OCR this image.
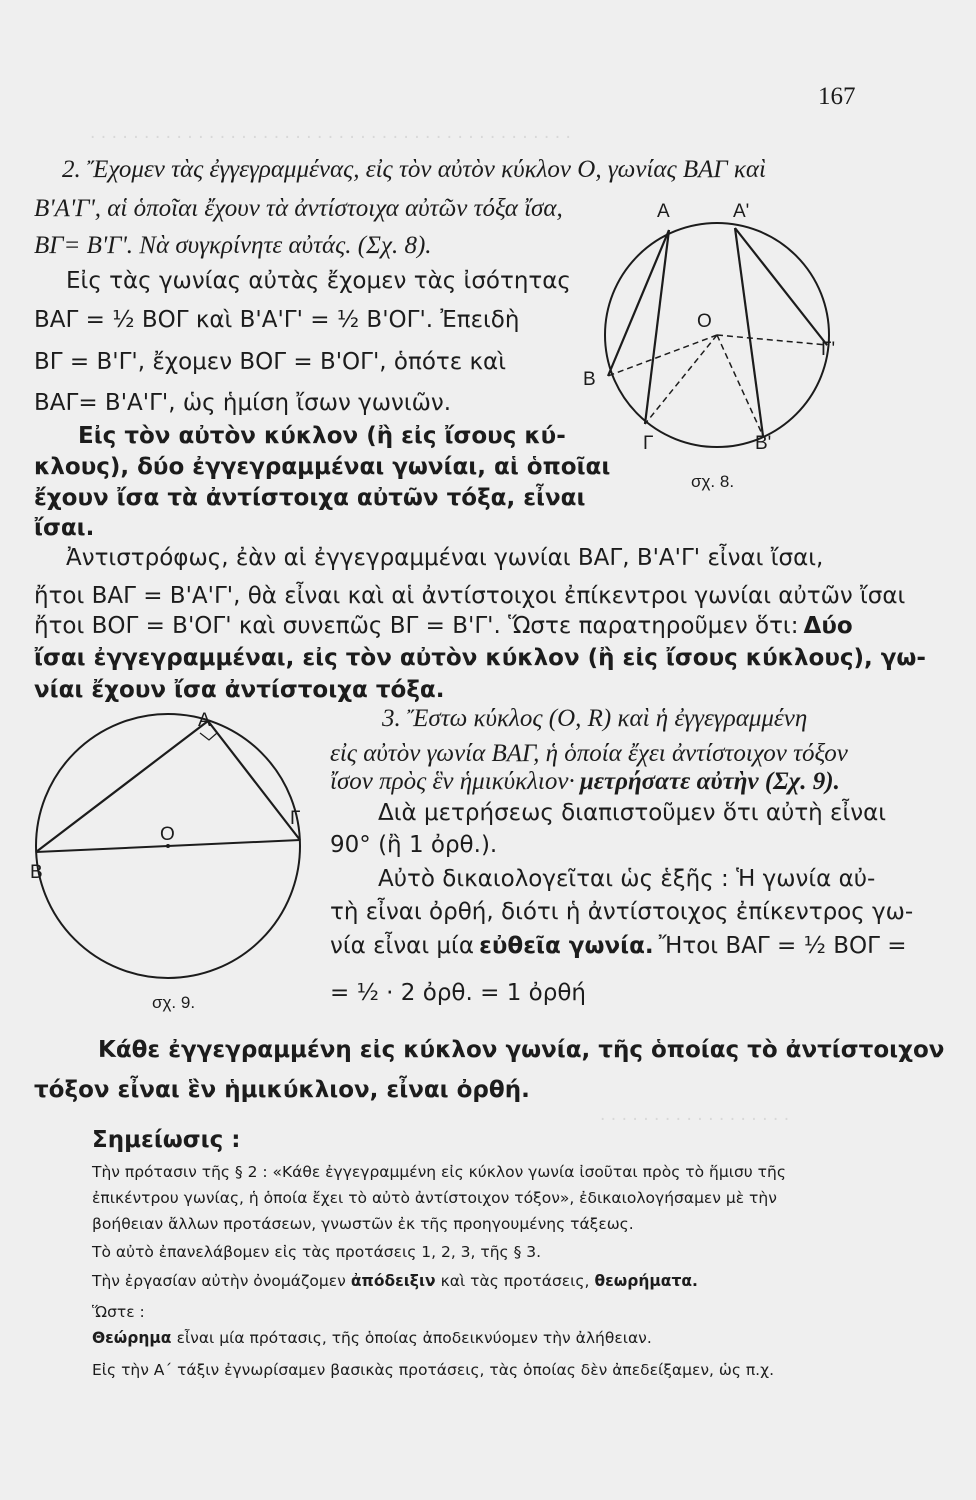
· · · · · · · · · · · · · · · · · · · · · · · · · · · · · · · · · · · · · · · · · · · · ·
· · · · · · · · · · · · · · · · · ·
167
2. Ἔχομεν τὰς ἐγγεγραμμένας, εἰς τὸν αὐτὸν κύκλον Ο, γωνίας ΒΑΓ καὶ
Β'Α'Γ', αἱ ὁποῖαι ἔχουν τὰ ἀντίστοιχα αὐτῶν τόξα ἴσα,
ΒΓ= Β'Γ'. Νὰ συγκρίνητε αὐτάς. (Σχ. 8).
Εἰς τὰς γωνίας αὐτὰς ἔχομεν τὰς ἰσότητας
ΒΑΓ = ½ ΒΟΓ καὶ Β'Α'Γ' = ½ Β'ΟΓ'. Ἐπειδὴ
ΒΓ = Β'Γ', ἔχομεν ΒΟΓ = Β'ΟΓ', ὁπότε καὶ
ΒΑΓ= Β'Α'Γ', ὡς ἡμίση ἴσων γωνιῶν.
Εἰς τὸν αὐτὸν κύκλον (ἢ εἰς ἴσους κύ-
κλους), δύο ἐγγεγραμμέναι γωνίαι, αἱ ὁποῖαι
ἔχουν ἴσα τὰ ἀντίστοιχα αὐτῶν τόξα, εἶναι
ἴσαι.
Ἀντιστρόφως, ἐὰν αἱ ἐγγεγραμμέναι γωνίαι ΒΑΓ, Β'Α'Γ' εἶναι ἴσαι,
ἤτοι ΒΑΓ = Β'Α'Γ', θὰ εἶναι καὶ αἱ ἀντίστοιχοι ἐπίκεντροι γωνίαι αὐτῶν ἴσαι
ἤτοι ΒΟΓ = Β'ΟΓ' καὶ συνεπῶς ΒΓ = Β'Γ'. Ὥστε παρατηροῦμεν ὅτι: Δύο
ἴσαι ἐγγεγραμμέναι, εἰς τὸν αὐτὸν κύκλον (ἢ εἰς ἴσους κύκλους), γω-
νίαι ἔχουν ἴσα ἀντίστοιχα τόξα.
3. Ἔστω κύκλος (Ο, R) καὶ ἡ ἐγγεγραμμένη
εἰς αὐτὸν γωνία ΒΑΓ, ἡ ὁποία ἔχει ἀντίστοιχον τόξον
ἴσον πρὸς ἓν ἡμικύκλιον· μετρήσατε αὐτὴν (Σχ. 9).
Διὰ μετρήσεως διαπιστοῦμεν ὅτι αὐτὴ εἶναι
90° (ἢ 1 ὀρθ.).
Αὐτὸ δικαιολογεῖται ὡς ἑξῆς : Ἡ γωνία αὐ-
τὴ εἶναι ὀρθή, διότι ἡ ἀντίστοιχος ἐπίκεντρος γω-
νία εἶναι μία εὐθεῖα γωνία. Ἤτοι ΒΑΓ = ½ ΒΟΓ =
= ½ · 2 ὀρθ. = 1 ὀρθή
Κάθε ἐγγεγραμμένη εἰς κύκλον γωνία, τῆς ὁποίας τὸ ἀντίστοιχον
τόξον εἶναι ἓν ἡμικύκλιον, εἶναι ὀρθή.
Σημείωσις :
Τὴν πρότασιν τῆς § 2 : «Κάθε ἐγγεγραμμένη εἰς κύκλον γωνία ἰσοῦται πρὸς τὸ ἥμισυ τῆς
ἐπικέντρου γωνίας, ἡ ὁποία ἔχει τὸ αὐτὸ ἀντίστοιχον τόξον», ἐδικαιολογήσαμεν μὲ τὴν
βοήθειαν ἄλλων προτάσεων, γνωστῶν ἐκ τῆς προηγουμένης τάξεως.
Τὸ αὐτὸ ἐπανελάβομεν εἰς τὰς προτάσεις 1, 2, 3, τῆς § 3.
Τὴν ἐργασίαν αὐτὴν ὀνομάζομεν ἀπόδειξιν καὶ τὰς προτάσεις, θεωρήματα.
Ὥστε :
Θεώρημα εἶναι μία πρότασις, τῆς ὁποίας ἀποδεικνύομεν τὴν ἀλήθειαν.
Εἰς τὴν Α΄ τάξιν ἐγνωρίσαμεν βασικὰς προτάσεις, τὰς ὁποίας δὲν ἀπεδείξαμεν, ὡς π.χ.
Α	Α'
Ο
Β
Γ'
Γ	Β'
σχ. 8.
Α
Ο
Β
Γ
σχ. 9.
